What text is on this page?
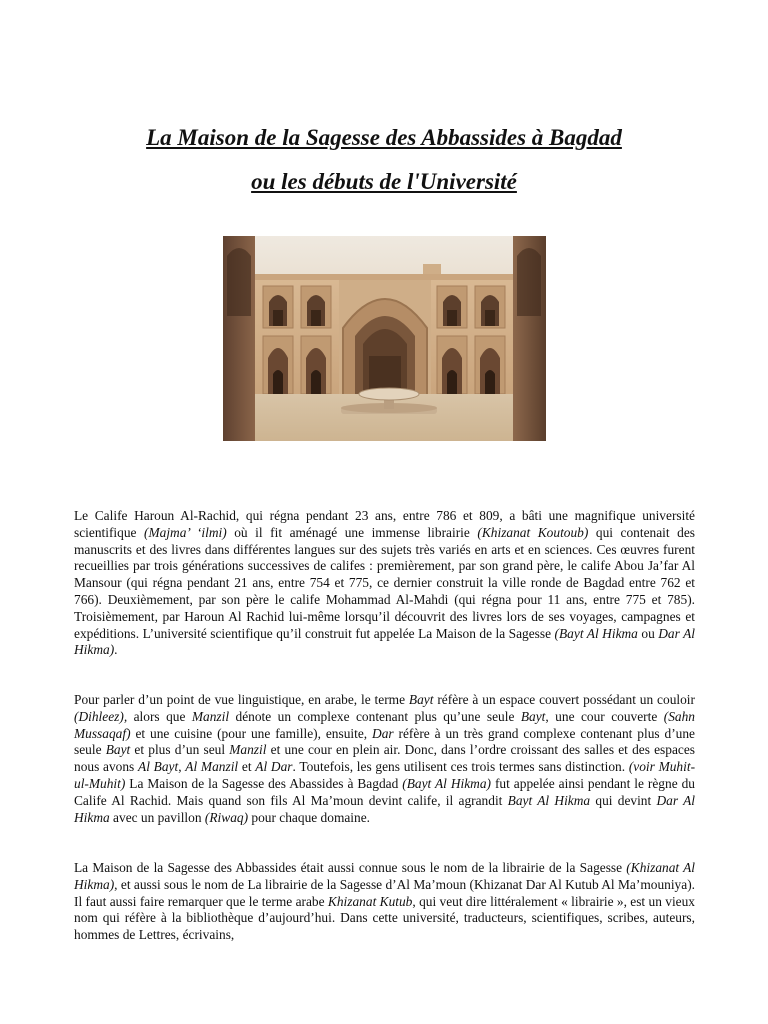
La Maison de la Sagesse des Abbassides à Bagdad
ou les débuts de l'Université

Le Calife Haroun Al-Rachid, qui régna pendant 23 ans, entre 786 et 809, a bâti une magnifique université scientifique (Majma’ ‘ilmi) où il fit aménagé une immense librairie (Khizanat Koutoub) qui contenait des manuscrits et des livres dans différentes langues sur des sujets très variés en arts et en sciences. Ces œuvres furent recueillies par trois générations successives de califes : premièrement, par son grand père, le calife Abou Ja’far Al Mansour (qui régna pendant 21 ans, entre 754 et 775, ce dernier construit la ville ronde de Bagdad entre 762 et 766). Deuxièmement, par son père le calife Mohammad Al-Mahdi (qui régna pour 11 ans, entre 775 et 785). Troisièmement, par Haroun Al Rachid lui-même lorsqu’il découvrit des livres lors de ses voyages, campagnes et expéditions. L’université scientifique qu’il construit fut appelée La Maison de la Sagesse (Bayt Al Hikma ou Dar Al Hikma).

Pour parler d’un point de vue linguistique, en arabe, le terme Bayt réfère à un espace couvert possédant un couloir (Dihleez), alors que Manzil dénote un complexe contenant plus qu’une seule Bayt, une cour couverte (Sahn Mussaqaf) et une cuisine (pour une famille), ensuite, Dar réfère à un très grand complexe contenant plus d’une seule Bayt et plus d’un seul Manzil et une cour en plein air. Donc, dans l’ordre croissant des salles et des espaces nous avons Al Bayt, Al Manzil et Al Dar. Toutefois, les gens utilisent ces trois termes sans distinction. (voir Muhit-ul-Muhit) La Maison de la Sagesse des Abassides à Bagdad (Bayt Al Hikma) fut appelée ainsi pendant le règne du Calife Al Rachid. Mais quand son fils Al Ma’moun devint calife, il agrandit Bayt Al Hikma qui devint Dar Al Hikma avec un pavillon (Riwaq) pour chaque domaine.

La Maison de la Sagesse des Abbassides était aussi connue sous le nom de la librairie de la Sagesse (Khizanat Al Hikma), et aussi sous le nom de La librairie de la Sagesse d’Al Ma’moun (Khizanat Dar Al Kutub Al Ma’mouniya). Il faut aussi faire remarquer que le terme arabe Khizanat Kutub, qui veut dire littéralement « librairie », est un vieux nom qui réfère à la bibliothèque d’aujourd’hui. Dans cette université, traducteurs, scientifiques, scribes, auteurs, hommes de Lettres, écrivains,
